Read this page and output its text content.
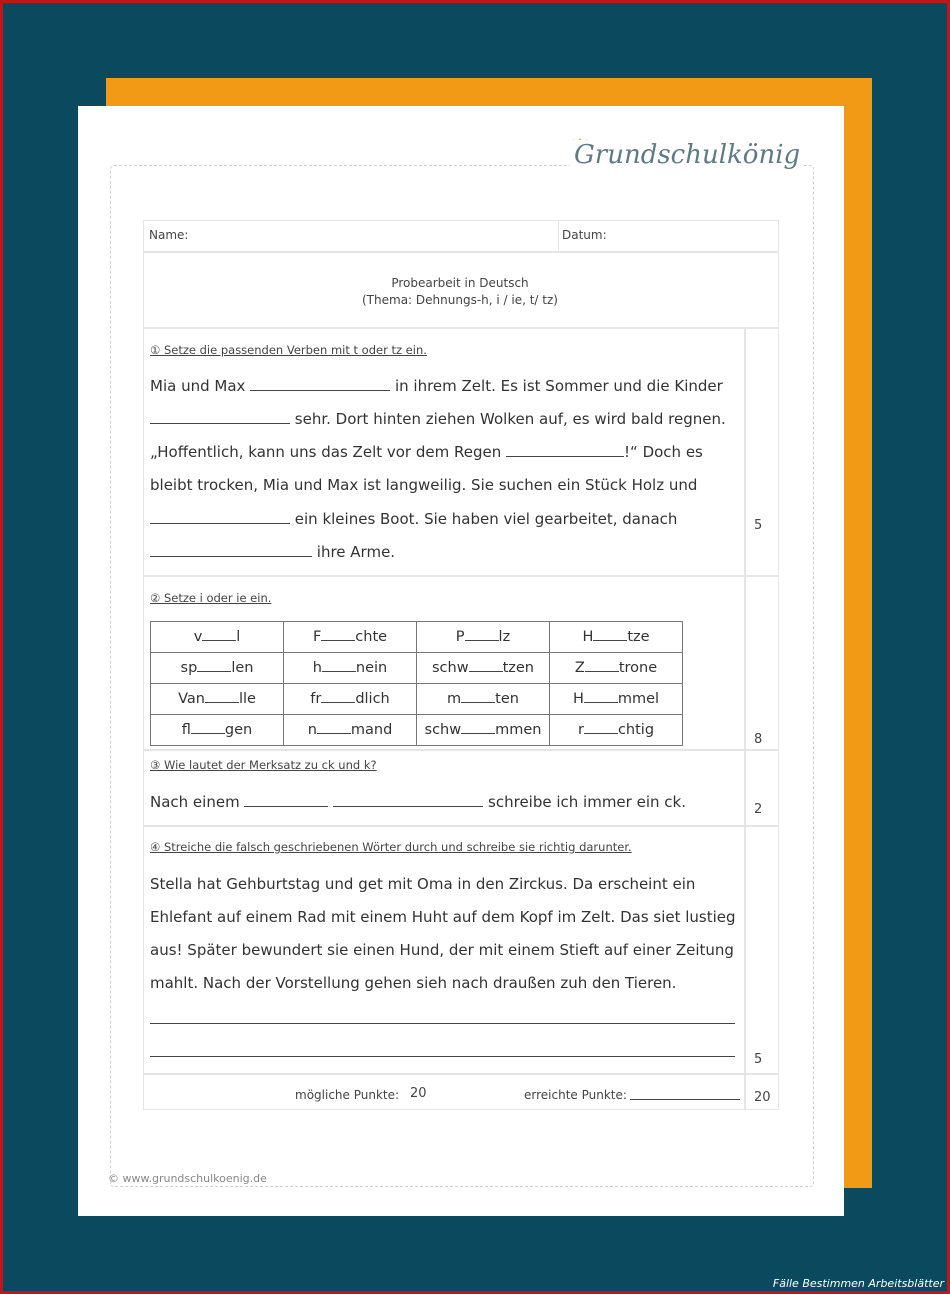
Grundschulkönig
Name:	Datum:
Probearbeit in Deutsch
(Thema: Dehnungs-h, i / ie, t/ tz)
① Setze die passenden Verben mit t oder tz ein.
Mia und Max	in ihrem Zelt. Es ist Sommer und die Kinder
sehr. Dort hinten ziehen Wolken auf, es wird bald regnen.
„Hoffentlich, kann uns das Zelt vor dem Regen	!“ Doch es
bleibt trocken, Mia und Max ist langweilig. Sie suchen ein Stück Holz und
ein kleines Boot. Sie haben viel gearbeitet, danach
ihre Arme.
5
② Setze i oder ie ein.
v l	F chte	P lz	H tze
sp len	h nein	schw tzen	Z trone
Van lle	fr dlich	m ten	H mmel
fl gen	n mand	schw mmen	r chtig
8
③ Wie lautet der Merksatz zu ck und k?
Nach einem	schreibe ich immer ein ck.	2
④ Streiche die falsch geschriebenen Wörter durch und schreibe sie richtig darunter.
Stella hat Gehburtstag und get mit Oma in den Zirckus. Da erscheint ein
Ehlefant auf einem Rad mit einem Huht auf dem Kopf im Zelt. Das siet lustieg
aus! Später bewundert sie einen Hund, der mit einem Stieft auf einer Zeitung
mahlt. Nach der Vorstellung gehen sieh nach draußen zuh den Tieren.
5
mögliche Punkte: 20	erreichte Punkte:	20
© www.grundschulkoenig.de
Fälle Bestimmen Arbeitsblätter
